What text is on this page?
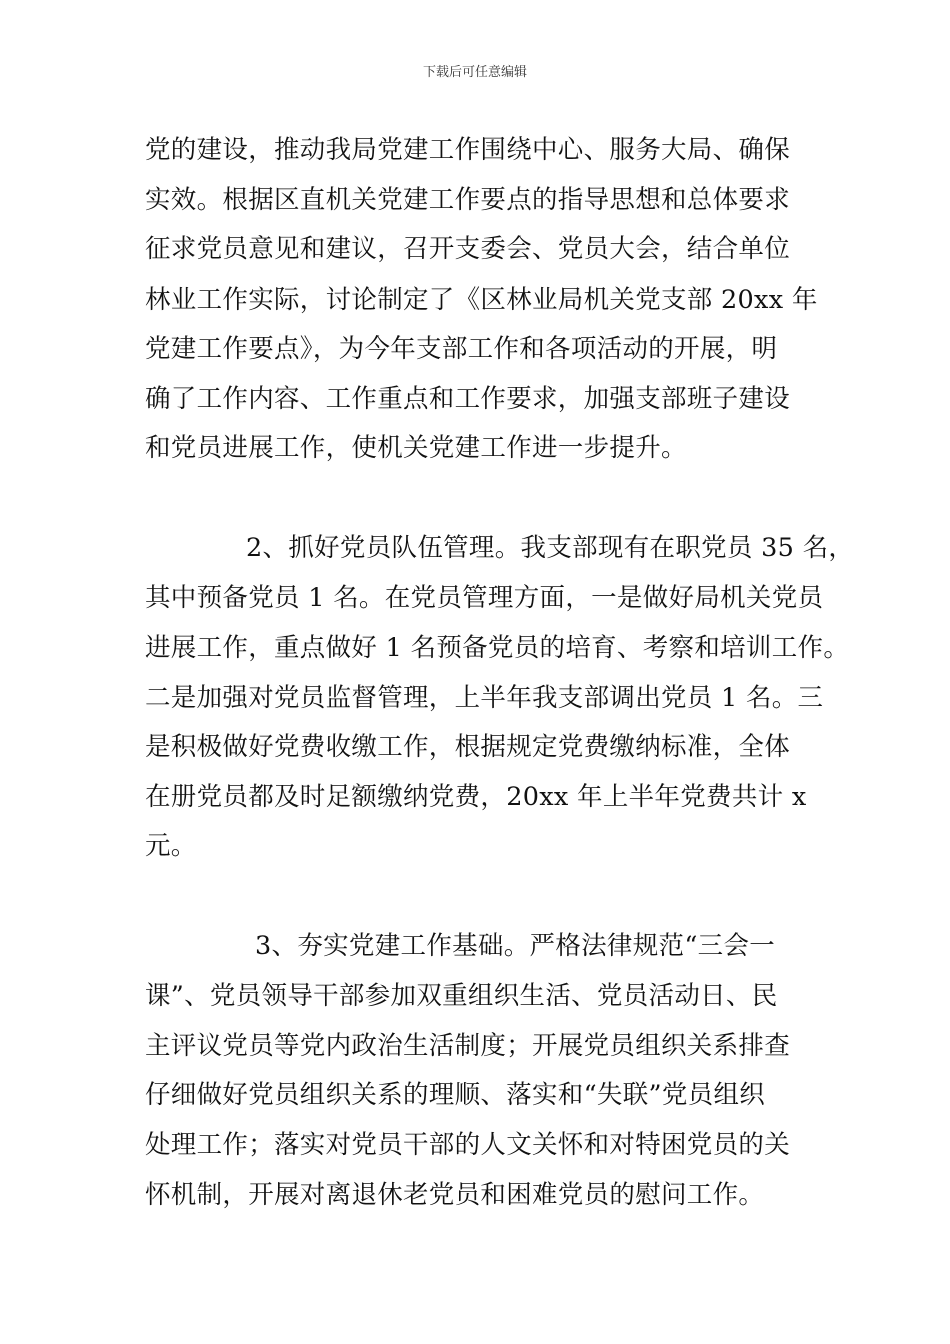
下载后可任意编辑
党的建设，推动我局党建工作围绕中心、服务大局、确保
实效。根据区直机关党建工作要点的指导思想和总体要求
征求党员意见和建议，召开支委会、党员大会，结合单位
林业工作实际，讨论制定了《区林业局机关党支部 20xx 年
党建工作要点》，为今年支部工作和各项活动的开展，明
确了工作内容、工作重点和工作要求，加强支部班子建设
和党员进展工作，使机关党建工作进一步提升。
2、抓好党员队伍管理。我支部现有在职党员 35 名，
其中预备党员 1 名。在党员管理方面，一是做好局机关党员
进展工作，重点做好 1 名预备党员的培育、考察和培训工作。
二是加强对党员监督管理，上半年我支部调出党员 1 名。三
是积极做好党费收缴工作，根据规定党费缴纳标准，全体
在册党员都及时足额缴纳党费，20xx 年上半年党费共计 x
元。
3、夯实党建工作基础。严格法律规范“三会一
课”、党员领导干部参加双重组织生活、党员活动日、民
主评议党员等党内政治生活制度；开展党员组织关系排查
仔细做好党员组织关系的理顺、落实和“失联”党员组织
处理工作；落实对党员干部的人文关怀和对特困党员的关
怀机制，开展对离退休老党员和困难党员的慰问工作。
